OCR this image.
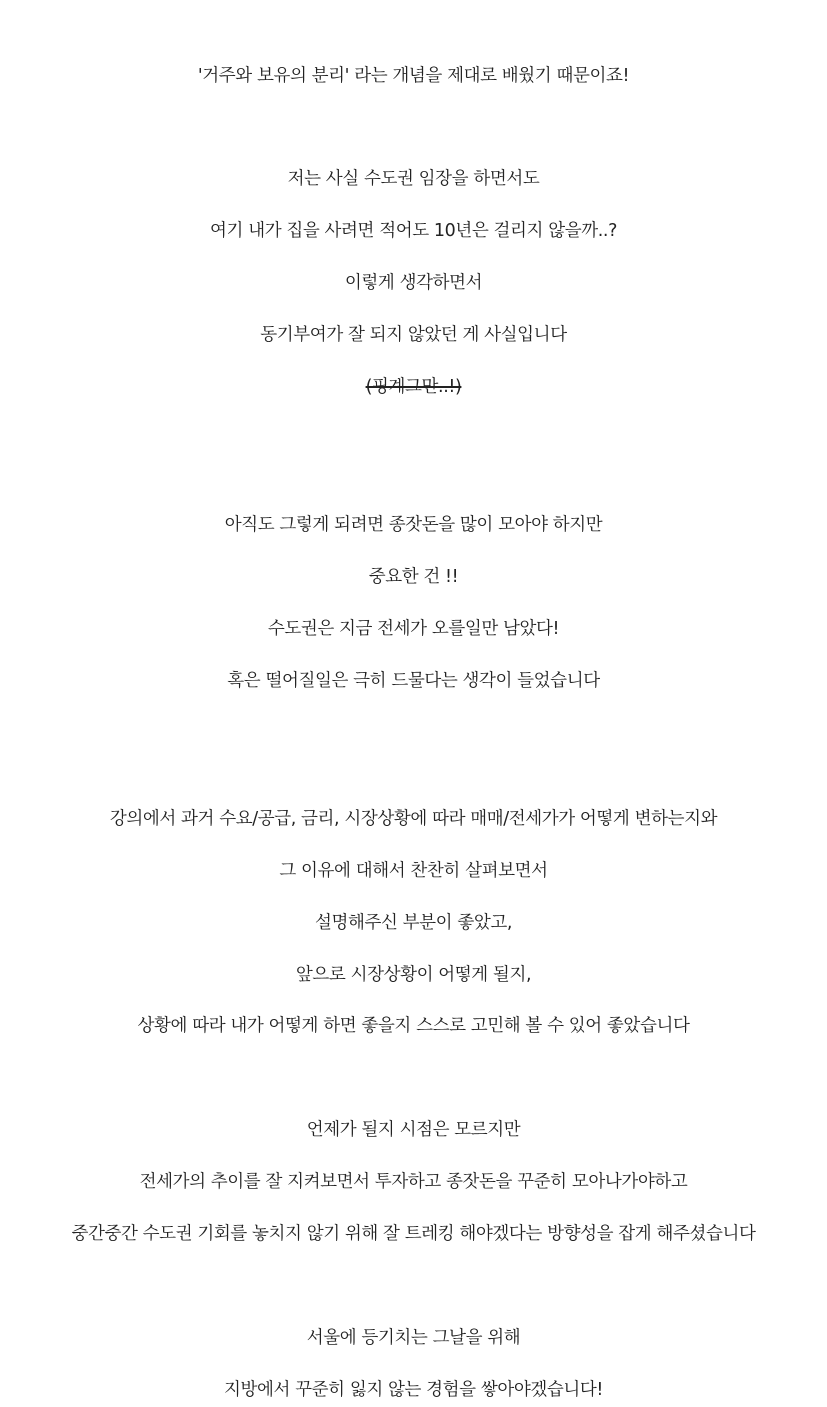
'거주와 보유의 분리' 라는 개념을 제대로 배웠기 때문이죠!

저는 사실 수도권 임장을 하면서도

여기 내가 집을 사려면 적어도 10년은 걸리지 않을까..?

이렇게 생각하면서

동기부여가 잘 되지 않았던 게 사실입니다

(핑계그만..!)

아직도 그렇게 되려면 종잣돈을 많이 모아야 하지만

중요한 건 !!

수도권은 지금 전세가 오를일만 남았다!

혹은 떨어질일은 극히 드물다는 생각이 들었습니다

강의에서 과거 수요/공급, 금리, 시장상황에 따라 매매/전세가가 어떻게 변하는지와

그 이유에 대해서 찬찬히 살펴보면서

설명해주신 부분이 좋았고,

앞으로 시장상황이 어떻게 될지,

상황에 따라 내가 어떻게 하면 좋을지 스스로 고민해 볼 수 있어 좋았습니다

언제가 될지 시점은 모르지만

전세가의 추이를 잘 지켜보면서 투자하고 종잣돈을 꾸준히 모아나가야하고

중간중간 수도권 기회를 놓치지 않기 위해 잘 트레킹 해야겠다는 방향성을 잡게 해주셨습니다

서울에 등기치는 그날을 위해

지방에서 꾸준히 잃지 않는 경험을 쌓아야겠습니다!
